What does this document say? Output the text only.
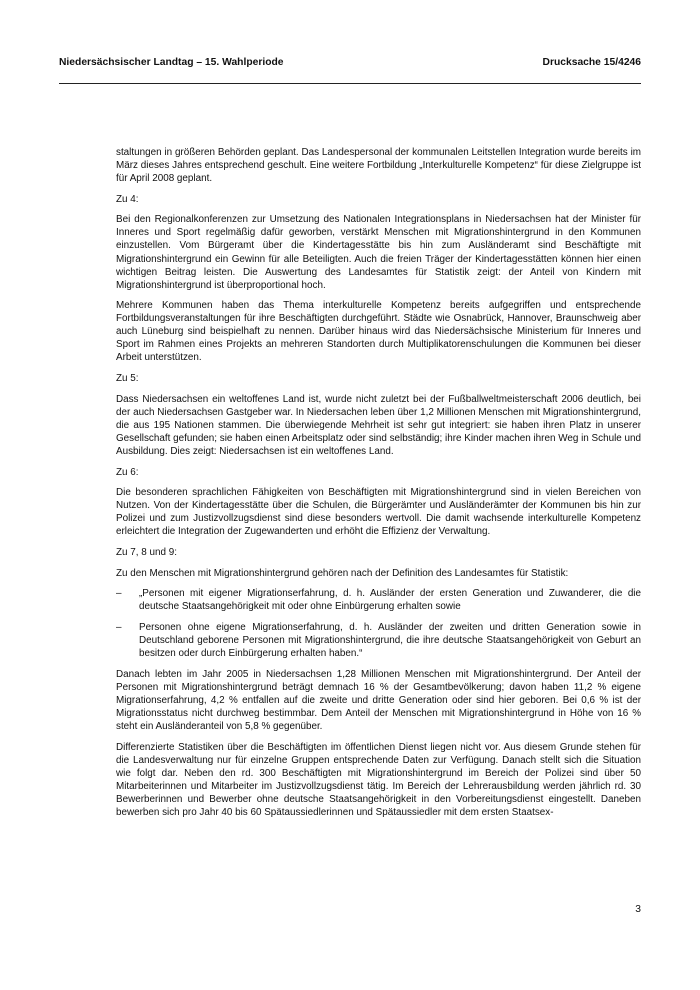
Niedersächsischer Landtag – 15. Wahlperiode	Drucksache 15/4246

staltungen in größeren Behörden geplant. Das Landespersonal der kommunalen Leitstellen Integration wurde bereits im März dieses Jahres entsprechend geschult. Eine weitere Fortbildung „Interkulturelle Kompetenz“ für diese Zielgruppe ist für April 2008 geplant.

Zu 4:

Bei den Regionalkonferenzen zur Umsetzung des Nationalen Integrationsplans in Niedersachsen hat der Minister für Inneres und Sport regelmäßig dafür geworben, verstärkt Menschen mit Migrationshintergrund in den Kommunen einzustellen. Vom Bürgeramt über die Kindertagesstätte bis hin zum Ausländeramt sind Beschäftigte mit Migrationshintergrund ein Gewinn für alle Beteiligten. Auch die freien Träger der Kindertagesstätten können hier einen wichtigen Beitrag leisten. Die Auswertung des Landesamtes für Statistik zeigt: der Anteil von Kindern mit Migrationshintergrund ist überproportional hoch.

Mehrere Kommunen haben das Thema interkulturelle Kompetenz bereits aufgegriffen und entsprechende Fortbildungsveranstaltungen für ihre Beschäftigten durchgeführt. Städte wie Osnabrück, Hannover, Braunschweig aber auch Lüneburg sind beispielhaft zu nennen. Darüber hinaus wird das Niedersächsische Ministerium für Inneres und Sport im Rahmen eines Projekts an mehreren Standorten durch Multiplikatorenschulungen die Kommunen bei dieser Arbeit unterstützen.

Zu 5:

Dass Niedersachsen ein weltoffenes Land ist, wurde nicht zuletzt bei der Fußballweltmeisterschaft 2006 deutlich, bei der auch Niedersachsen Gastgeber war. In Niedersachen leben über 1,2 Millionen Menschen mit Migrationshintergrund, die aus 195 Nationen stammen. Die überwiegende Mehrheit ist sehr gut integriert: sie haben ihren Platz in unserer Gesellschaft gefunden; sie haben einen Arbeitsplatz oder sind selbständig; ihre Kinder machen ihren Weg in Schule und Ausbildung. Dies zeigt: Niedersachsen ist ein weltoffenes Land.

Zu 6:

Die besonderen sprachlichen Fähigkeiten von Beschäftigten mit Migrationshintergrund sind in vielen Bereichen von Nutzen. Von der Kindertagesstätte über die Schulen, die Bürgerämter und Ausländerämter der Kommunen bis hin zur Polizei und zum Justizvollzugsdienst sind diese besonders wertvoll. Die damit wachsende interkulturelle Kompetenz erleichtert die Integration der Zugewanderten und erhöht die Effizienz der Verwaltung.

Zu 7, 8 und 9:

Zu den Menschen mit Migrationshintergrund gehören nach der Definition des Landesamtes für Statistik:

– „Personen mit eigener Migrationserfahrung, d. h. Ausländer der ersten Generation und Zuwanderer, die die deutsche Staatsangehörigkeit mit oder ohne Einbürgerung erhalten sowie
– Personen ohne eigene Migrationserfahrung, d. h. Ausländer der zweiten und dritten Generation sowie in Deutschland geborene Personen mit Migrationshintergrund, die ihre deutsche Staatsangehörigkeit von Geburt an besitzen oder durch Einbürgerung erhalten haben.“

Danach lebten im Jahr 2005 in Niedersachsen 1,28 Millionen Menschen mit Migrationshintergrund. Der Anteil der Personen mit Migrationshintergrund beträgt demnach 16 % der Gesamtbevölkerung; davon haben 11,2 % eigene Migrationserfahrung, 4,2 % entfallen auf die zweite und dritte Generation oder sind hier geboren. Bei 0,6 % ist der Migrationsstatus nicht durchweg bestimmbar. Dem Anteil der Menschen mit Migrationshintergrund in Höhe von 16 % steht ein Ausländeranteil von 5,8 % gegenüber.

Differenzierte Statistiken über die Beschäftigten im öffentlichen Dienst liegen nicht vor. Aus diesem Grunde stehen für die Landesverwaltung nur für einzelne Gruppen entsprechende Daten zur Verfügung. Danach stellt sich die Situation wie folgt dar. Neben den rd. 300 Beschäftigten mit Migrationshintergrund im Bereich der Polizei sind über 50 Mitarbeiterinnen und Mitarbeiter im Justizvollzugsdienst tätig. Im Bereich der Lehrerausbildung werden jährlich rd. 30 Bewerberinnen und Bewerber ohne deutsche Staatsangehörigkeit in den Vorbereitungsdienst eingestellt. Daneben bewerben sich pro Jahr 40 bis 60 Spätaussiedlerinnen und Spätaussiedler mit dem ersten Staatsex-

3
